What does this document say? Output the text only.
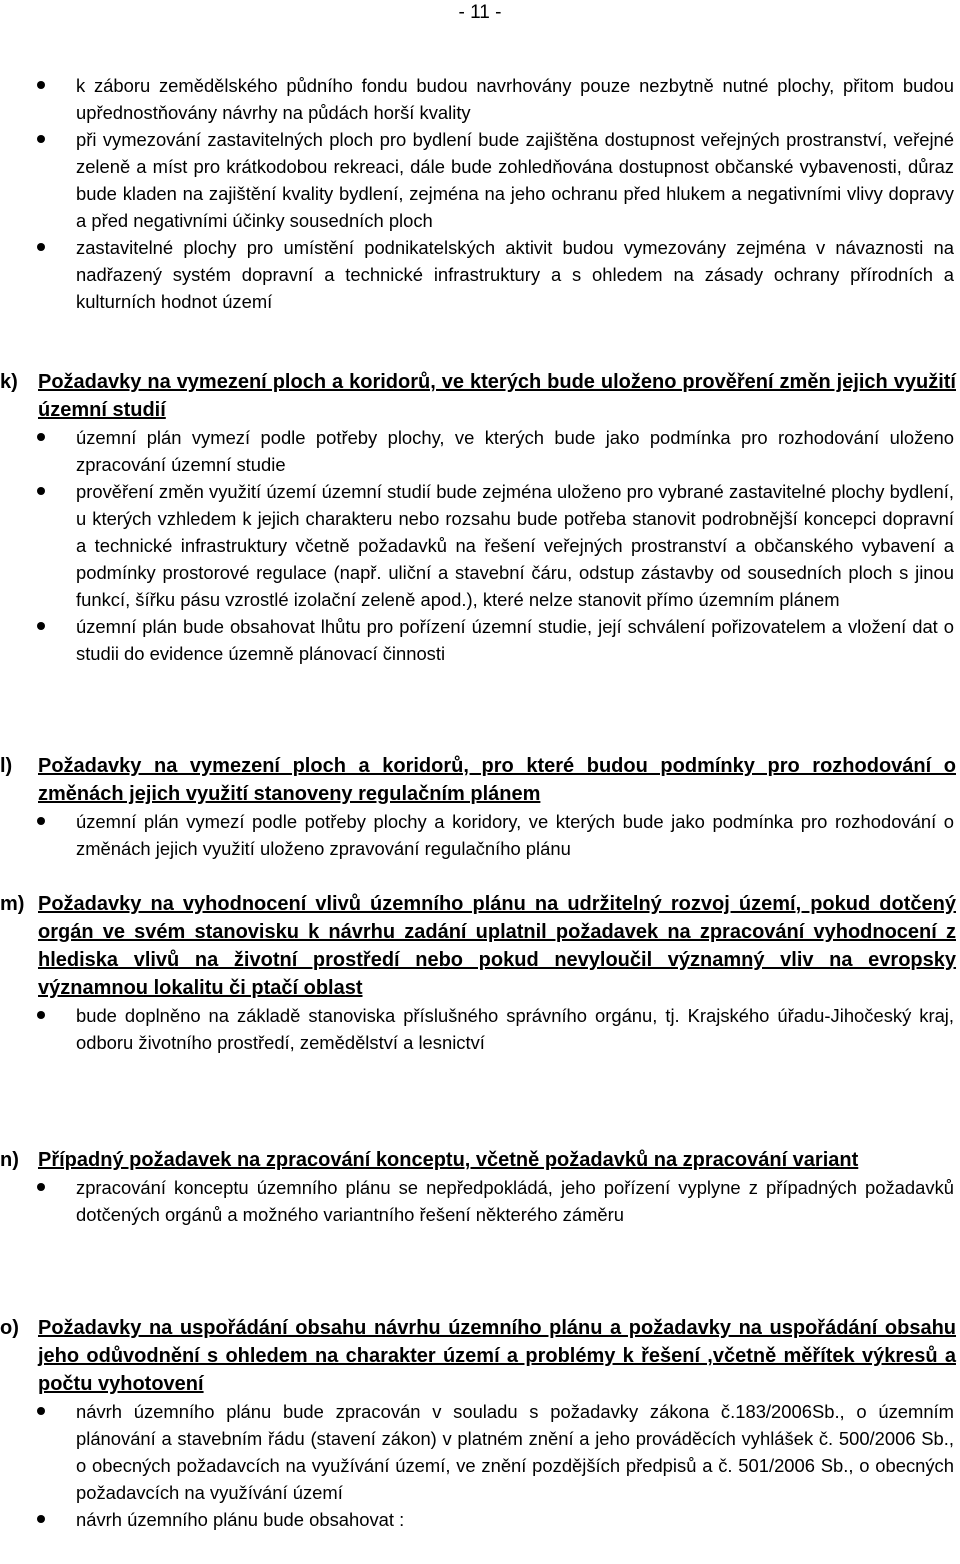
- 11 -
k záboru zemědělského půdního fondu budou navrhovány pouze nezbytně nutné plochy, přitom budou upřednostňovány návrhy na půdách horší kvality
při vymezování zastavitelných ploch pro bydlení bude zajištěna dostupnost veřejných prostranství, veřejné zeleně a míst pro krátkodobou rekreaci, dále bude zohledňována dostupnost občanské vybavenosti, důraz bude kladen na zajištění kvality bydlení, zejména na jeho ochranu před hlukem a negativními vlivy dopravy a před negativními účinky sousedních ploch
zastavitelné plochy pro umístění podnikatelských aktivit budou vymezovány zejména v návaznosti na nadřazený systém dopravní a technické infrastruktury a s ohledem na zásady ochrany přírodních a kulturních hodnot území
k) Požadavky na vymezení ploch a koridorů, ve kterých bude uloženo prověření změn jejich využití územní studií
územní plán vymezí podle potřeby plochy, ve kterých bude jako podmínka pro rozhodování uloženo zpracování územní studie
prověření změn využití území územní studií bude zejména uloženo pro vybrané zastavitelné plochy bydlení, u kterých vzhledem k jejich charakteru nebo rozsahu bude potřeba stanovit podrobnější koncepci dopravní a technické infrastruktury včetně požadavků na řešení veřejných prostranství a občanského vybavení a podmínky prostorové regulace (např. uliční a stavební čáru, odstup zástavby od sousedních ploch s jinou funkcí, šířku pásu vzrostlé izolační zeleně apod.), které nelze stanovit přímo územním plánem
územní plán bude obsahovat lhůtu pro pořízení územní studie, její schválení pořizovatelem a vložení dat o studii do evidence územně plánovací činnosti
l) Požadavky na vymezení ploch a koridorů, pro které budou podmínky pro rozhodování o změnách jejich využití stanoveny regulačním plánem
územní plán vymezí podle potřeby plochy a koridory, ve kterých bude jako podmínka pro rozhodování o změnách jejich využití uloženo zpravování regulačního plánu
m) Požadavky na vyhodnocení vlivů územního plánu na udržitelný rozvoj území, pokud dotčený orgán ve svém stanovisku k návrhu zadání uplatnil požadavek na zpracování vyhodnocení z hlediska vlivů na životní prostředí nebo pokud nevyloučil významný vliv na evropsky významnou lokalitu či ptačí oblast
bude doplněno na základě stanoviska příslušného správního orgánu, tj. Krajského úřadu-Jihočeský kraj, odboru životního prostředí, zemědělství a lesnictví
n) Případný požadavek na zpracování konceptu, včetně požadavků na zpracování variant
zpracování konceptu územního plánu se nepředpokládá, jeho pořízení vyplyne z případných požadavků dotčených orgánů a možného variantního řešení některého záměru
o) Požadavky na uspořádání obsahu návrhu územního plánu a požadavky na uspořádání obsahu jeho odůvodnění s ohledem na charakter území a problémy k řešení ,včetně měřítek výkresů a počtu vyhotovení
návrh územního plánu bude zpracován v souladu s požadavky zákona č.183/2006Sb., o územním plánování a stavebním řádu (stavení zákon) v platném znění a jeho prováděcích vyhlášek č. 500/2006 Sb., o obecných požadavcích na využívání území, ve znění pozdějších předpisů a č. 501/2006 Sb., o obecných požadavcích na využívání území
návrh územního plánu bude obsahovat :
